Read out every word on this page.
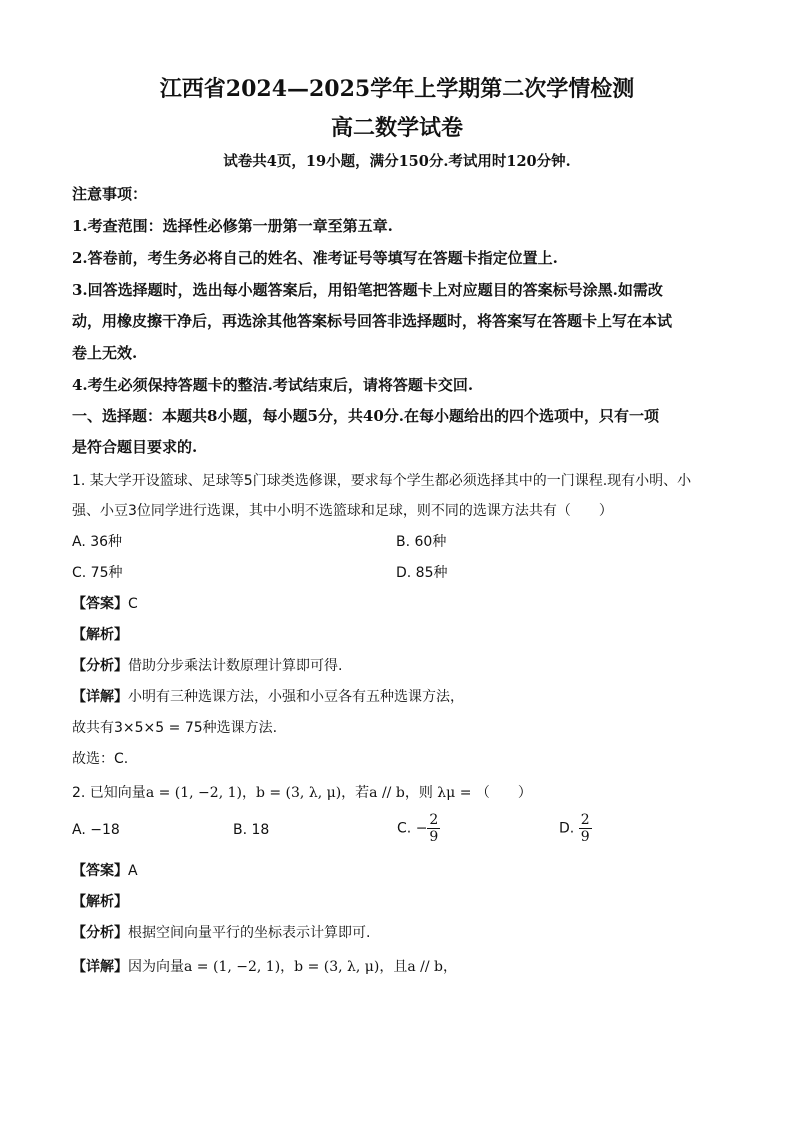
江西省2024—2025学年上学期第二次学情检测
高二数学试卷
试卷共4页，19小题，满分150分.考试用时120分钟.
注意事项：
1.考查范围：选择性必修第一册第一章至第五章.
2.答卷前，考生务必将自己的姓名、准考证号等填写在答题卡指定位置上.
3.回答选择题时，选出每小题答案后，用铅笔把答题卡上对应题目的答案标号涂黑.如需改
动，用橡皮擦干净后，再选涂其他答案标号回答非选择题时，将答案写在答题卡上写在本试
卷上无效.
4.考生必须保持答题卡的整洁.考试结束后，请将答题卡交回.
一、选择题：本题共8小题，每小题5分，共40分.在每小题给出的四个选项中，只有一项
是符合题目要求的.
1. 某大学开设篮球、足球等5门球类选修课，要求每个学生都必须选择其中的一门课程.现有小明、小
强、小豆3位同学进行选课，其中小明不选篮球和足球，则不同的选课方法共有（　　）
A. 36种	B. 60种
C. 75种	D. 85种
【答案】C
【解析】
【分析】借助分步乘法计数原理计算即可得.
【详解】小明有三种选课方法，小强和小豆各有五种选课方法，
故共有3×5×5 = 75种选课方法.
故选：C.
2. 已知向量a = (1, −2, 1)，b = (3, λ, μ)，若a // b，则 λμ = （　　）
A. −18	B. 18	C. − $\frac{2}{9}$	D. $\frac{2}{9}$
【答案】A
【解析】
【分析】根据空间向量平行的坐标表示计算即可.
【详解】因为向量a = (1, −2, 1)，b = (3, λ, μ)，且a // b，
